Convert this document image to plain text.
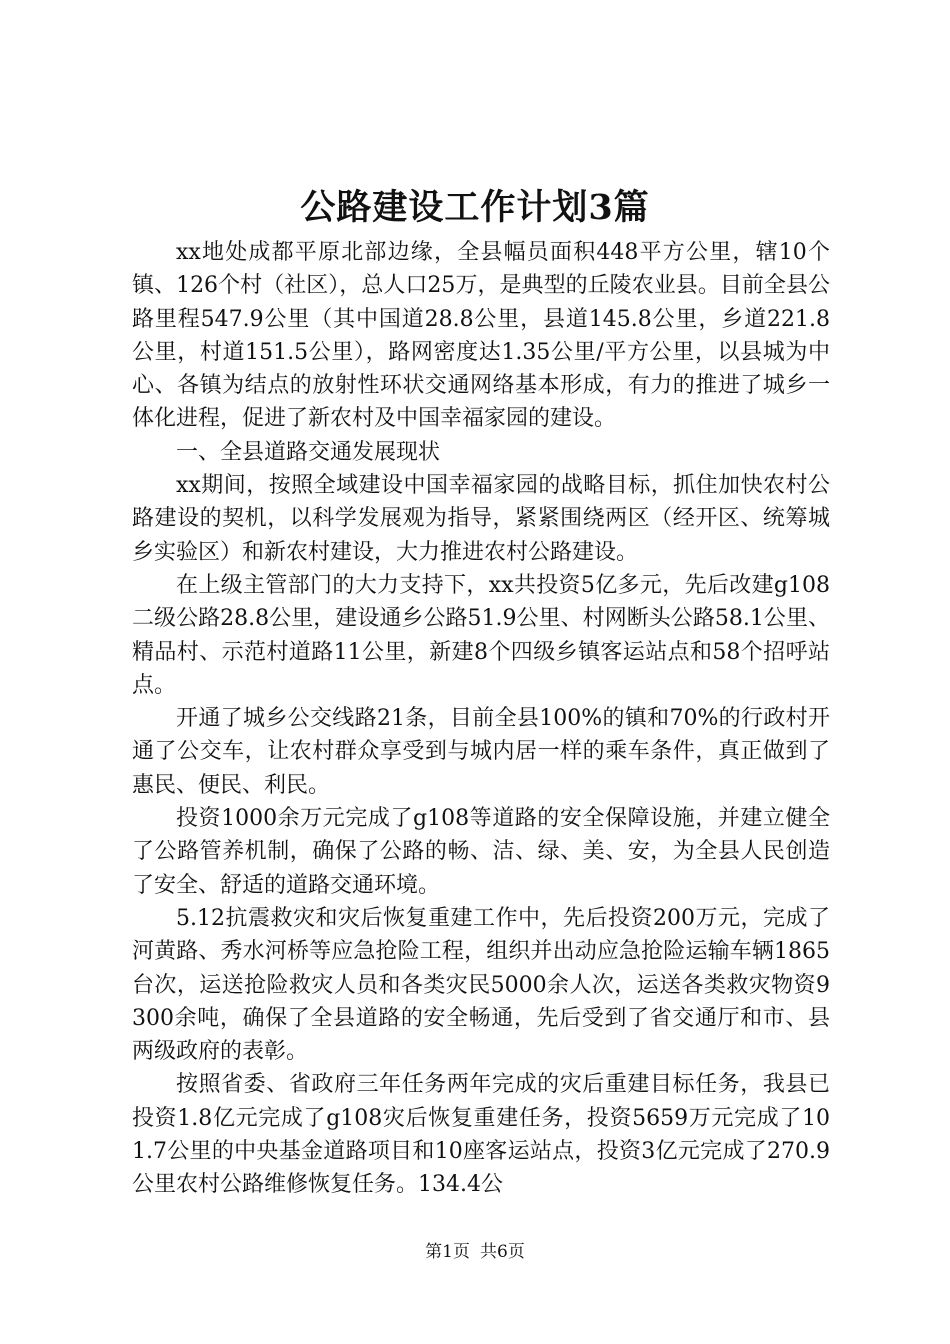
公路建设工作计划3篇

xx地处成都平原北部边缘，全县幅员面积448平方公里，辖10个镇、126个村（社区），总人口25万，是典型的丘陵农业县。目前全县公路里程547.9公里（其中国道28.8公里，县道145.8公里，乡道221.8公里，村道151.5公里），路网密度达1.35公里/平方公里，以县城为中心、各镇为结点的放射性环状交通网络基本形成，有力的推进了城乡一体化进程，促进了新农村及中国幸福家园的建设。

一、全县道路交通发展现状

xx期间，按照全域建设中国幸福家园的战略目标，抓住加快农村公路建设的契机，以科学发展观为指导，紧紧围绕两区（经开区、统筹城乡实验区）和新农村建设，大力推进农村公路建设。

在上级主管部门的大力支持下，xx共投资5亿多元，先后改建g108二级公路28.8公里，建设通乡公路51.9公里、村网断头公路58.1公里、精品村、示范村道路11公里，新建8个四级乡镇客运站点和58个招呼站点。

开通了城乡公交线路21条，目前全县100%的镇和70%的行政村开通了公交车，让农村群众享受到与城内居一样的乘车条件，真正做到了惠民、便民、利民。

投资1000余万元完成了g108等道路的安全保障设施，并建立健全了公路管养机制，确保了公路的畅、洁、绿、美、安，为全县人民创造了安全、舒适的道路交通环境。

5.12抗震救灾和灾后恢复重建工作中，先后投资200万元，完成了河黄路、秀水河桥等应急抢险工程，组织并出动应急抢险运输车辆1865台次，运送抢险救灾人员和各类灾民5000余人次，运送各类救灾物资9300余吨，确保了全县道路的安全畅通，先后受到了省交通厅和市、县两级政府的表彰。

按照省委、省政府三年任务两年完成的灾后重建目标任务，我县已投资1.8亿元完成了g108灾后恢复重建任务，投资5659万元完成了101.7公里的中央基金道路项目和10座客运站点，投资3亿元完成了270.9公里农村公路维修恢复任务。134.4公

第1页 共6页
